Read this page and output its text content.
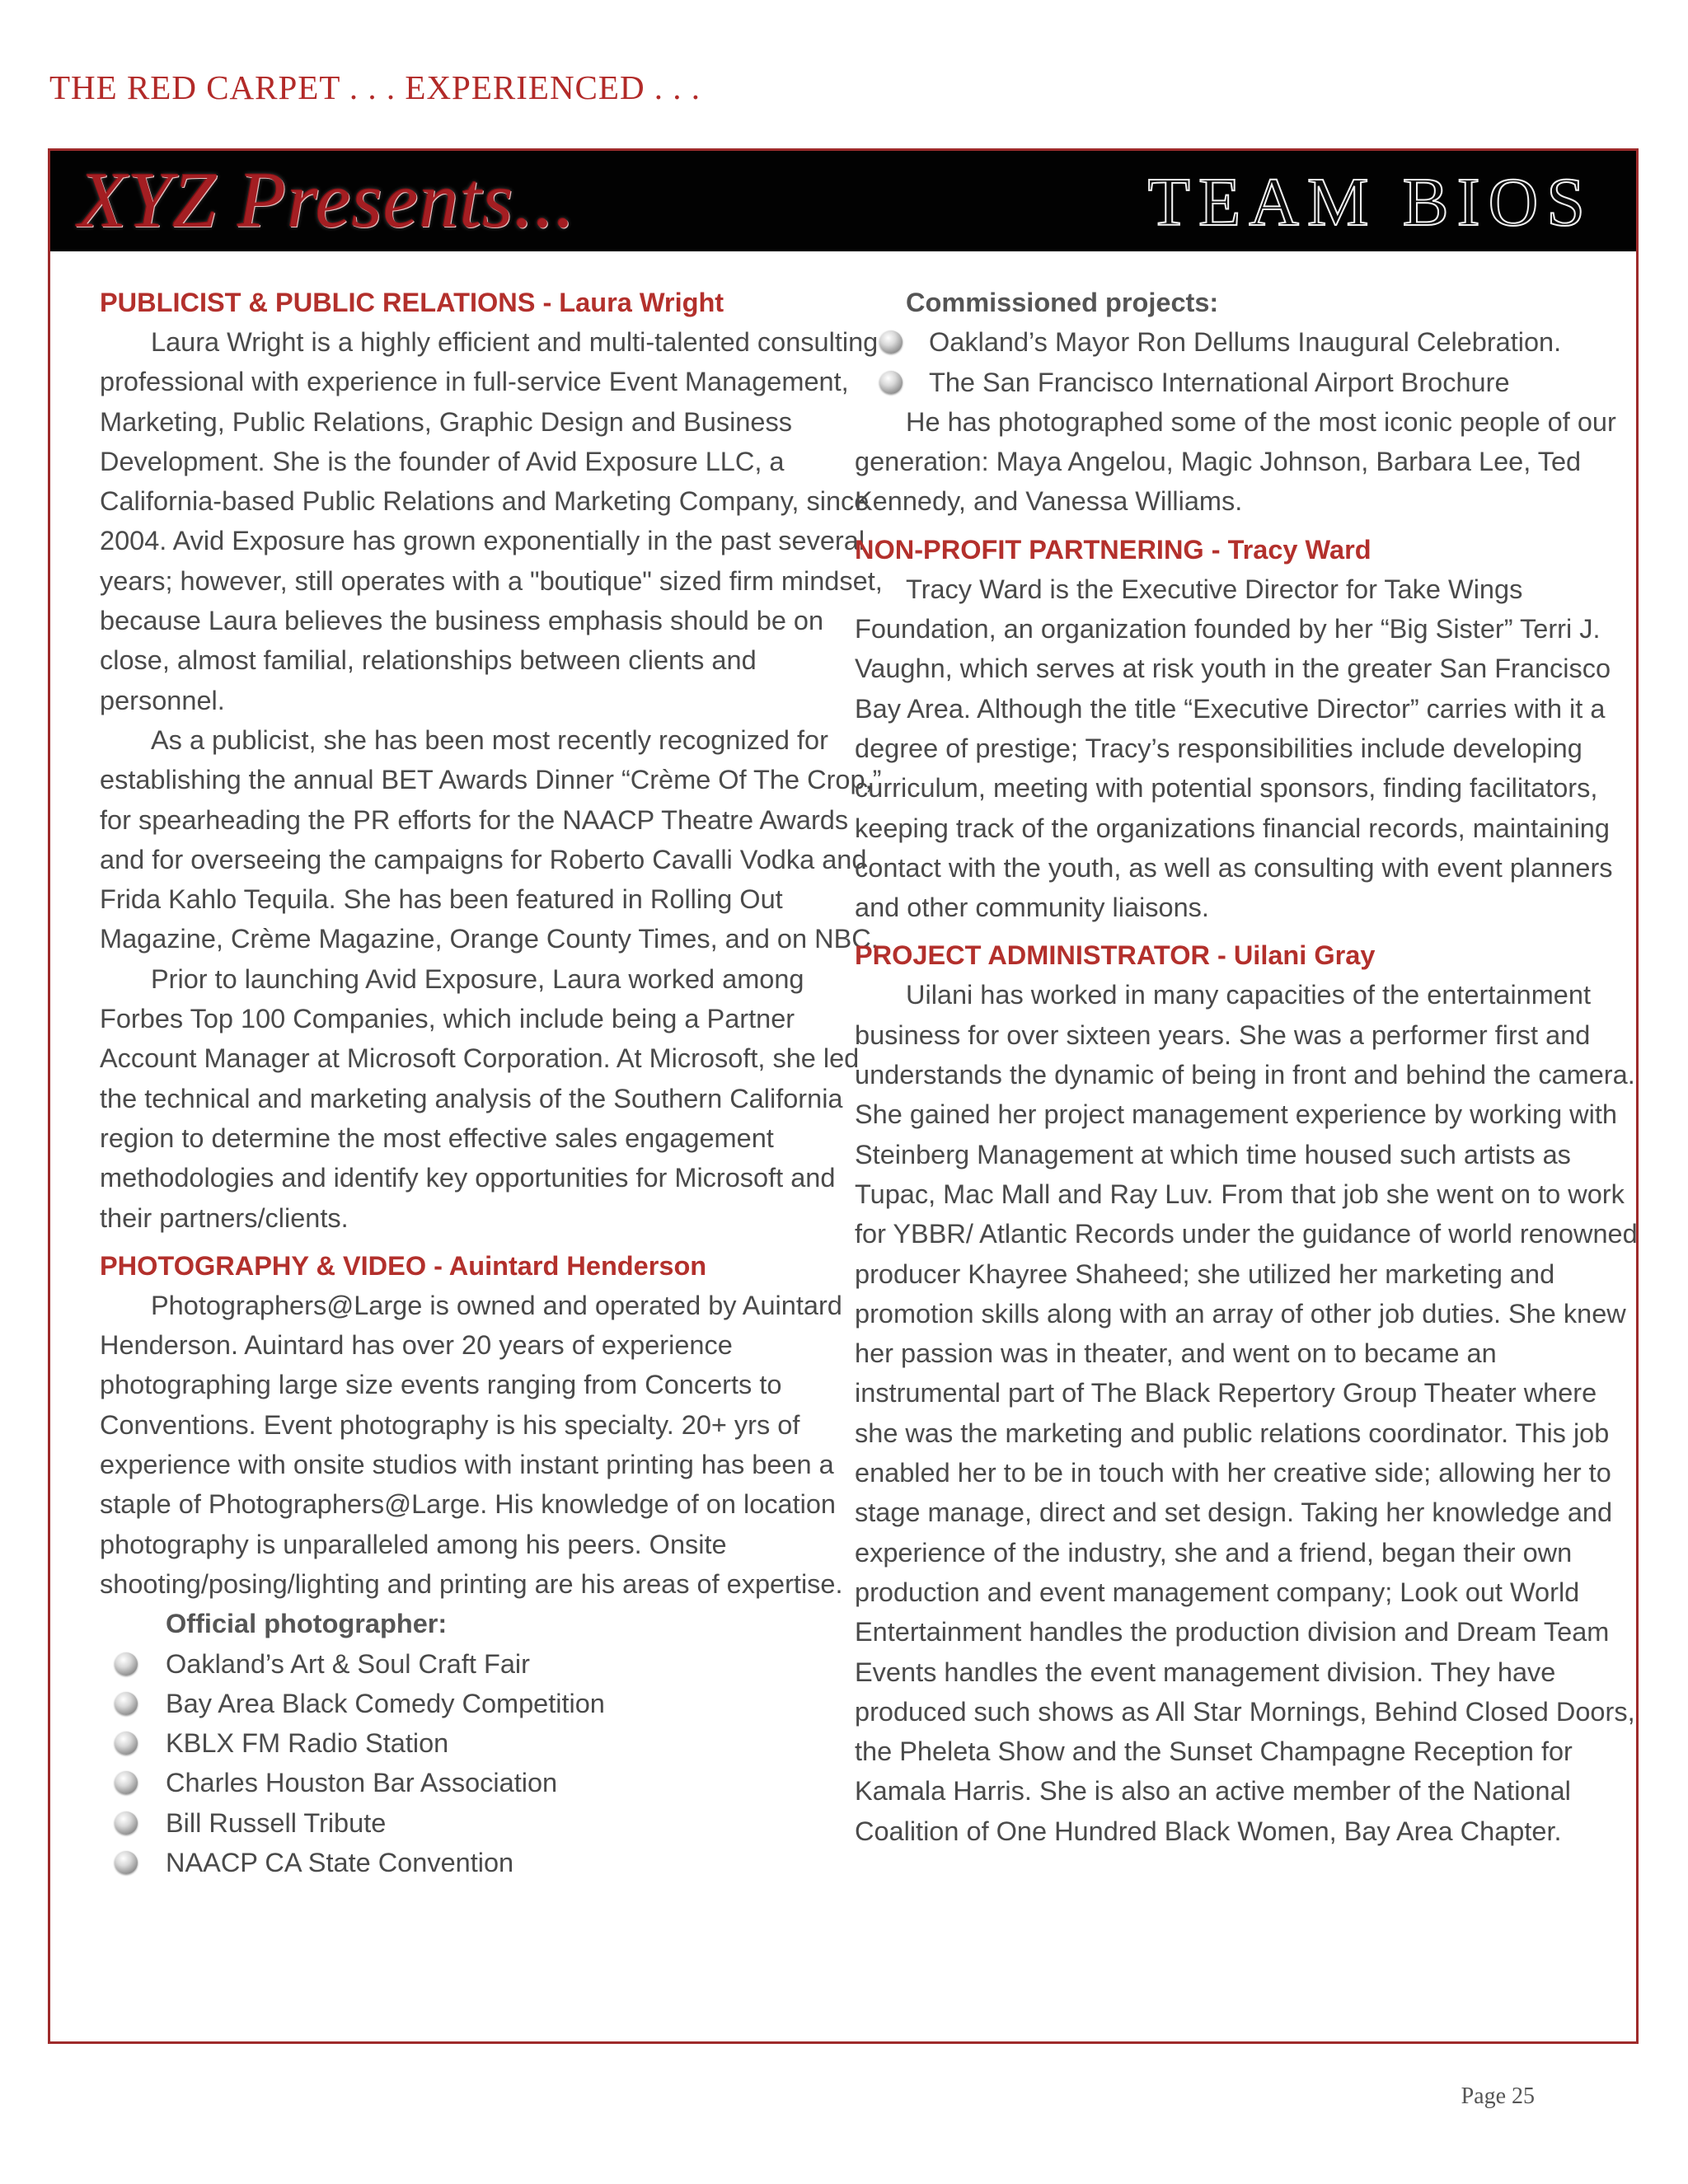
THE RED CARPET . . . EXPERIENCED . . .
XYZ Presents...	TEAM BIOS
PUBLICIST & PUBLIC RELATIONS - Laura Wright

Laura Wright is a highly efficient and multi-talented consulting professional with experience in full-service Event Management, Marketing, Public Relations, Graphic Design and Business Development. She is the founder of Avid Exposure LLC, a California-based Public Relations and Marketing Company, since 2004. Avid Exposure has grown exponentially in the past several years; however, still operates with a "boutique" sized firm mindset, because Laura believes the business emphasis should be on close, almost familial, relationships between clients and personnel.

As a publicist, she has been most recently recognized for establishing the annual BET Awards Dinner “Crème Of The Crop,” for spearheading the PR efforts for the NAACP Theatre Awards and for overseeing the campaigns for Roberto Cavalli Vodka and Frida Kahlo Tequila. She has been featured in Rolling Out Magazine, Crème Magazine, Orange County Times, and on NBC.

Prior to launching Avid Exposure, Laura worked among Forbes Top 100 Companies, which include being a Partner Account Manager at Microsoft Corporation. At Microsoft, she led the technical and marketing analysis of the Southern California region to determine the most effective sales engagement methodologies and identify key opportunities for Microsoft and their partners/clients.

PHOTOGRAPHY & VIDEO - Auintard Henderson

Photographers@Large is owned and operated by Auintard Henderson. Auintard has over 20 years of experience photographing large size events ranging from Concerts to Conventions. Event photography is his specialty. 20+ yrs of experience with onsite studios with instant printing has been a staple of Photographers@Large. His knowledge of on location photography is unparalleled among his peers. Onsite shooting/posing/lighting and printing are his areas of expertise.

Official photographer:
Oakland’s Art & Soul Craft Fair
Bay Area Black Comedy Competition
KBLX FM Radio Station
Charles Houston Bar Association
Bill Russell Tribute
NAACP CA State Convention
Commissioned projects:
Oakland’s Mayor Ron Dellums Inaugural Celebration.
The San Francisco International Airport Brochure

He has photographed some of the most iconic people of our generation: Maya Angelou, Magic Johnson, Barbara Lee, Ted Kennedy, and Vanessa Williams.

NON-PROFIT PARTNERING - Tracy Ward

Tracy Ward is the Executive Director for Take Wings Foundation, an organization founded by her “Big Sister” Terri J. Vaughn, which serves at risk youth in the greater San Francisco Bay Area. Although the title “Executive Director” carries with it a degree of prestige; Tracy’s responsibilities include developing curriculum, meeting with potential sponsors, finding facilitators, keeping track of the organizations financial records, maintaining contact with the youth, as well as consulting with event planners and other community liaisons.

PROJECT ADMINISTRATOR - Uilani Gray

Uilani has worked in many capacities of the entertainment business for over sixteen years. She was a performer first and understands the dynamic of being in front and behind the camera. She gained her project management experience by working with Steinberg Management at which time housed such artists as Tupac, Mac Mall and Ray Luv. From that job she went on to work for YBBR/ Atlantic Records under the guidance of world renowned producer Khayree Shaheed; she utilized her marketing and promotion skills along with an array of other job duties. She knew her passion was in theater, and went on to became an instrumental part of The Black Repertory Group Theater where she was the marketing and public relations coordinator. This job enabled her to be in touch with her creative side; allowing her to stage manage, direct and set design. Taking her knowledge and experience of the industry, she and a friend, began their own production and event management company; Look out World Entertainment handles the production division and Dream Team Events handles the event management division. They have produced such shows as All Star Mornings, Behind Closed Doors, the Pheleta Show and the Sunset Champagne Reception for Kamala Harris. She is also an active member of the National Coalition of One Hundred Black Women, Bay Area Chapter.

Page 25
